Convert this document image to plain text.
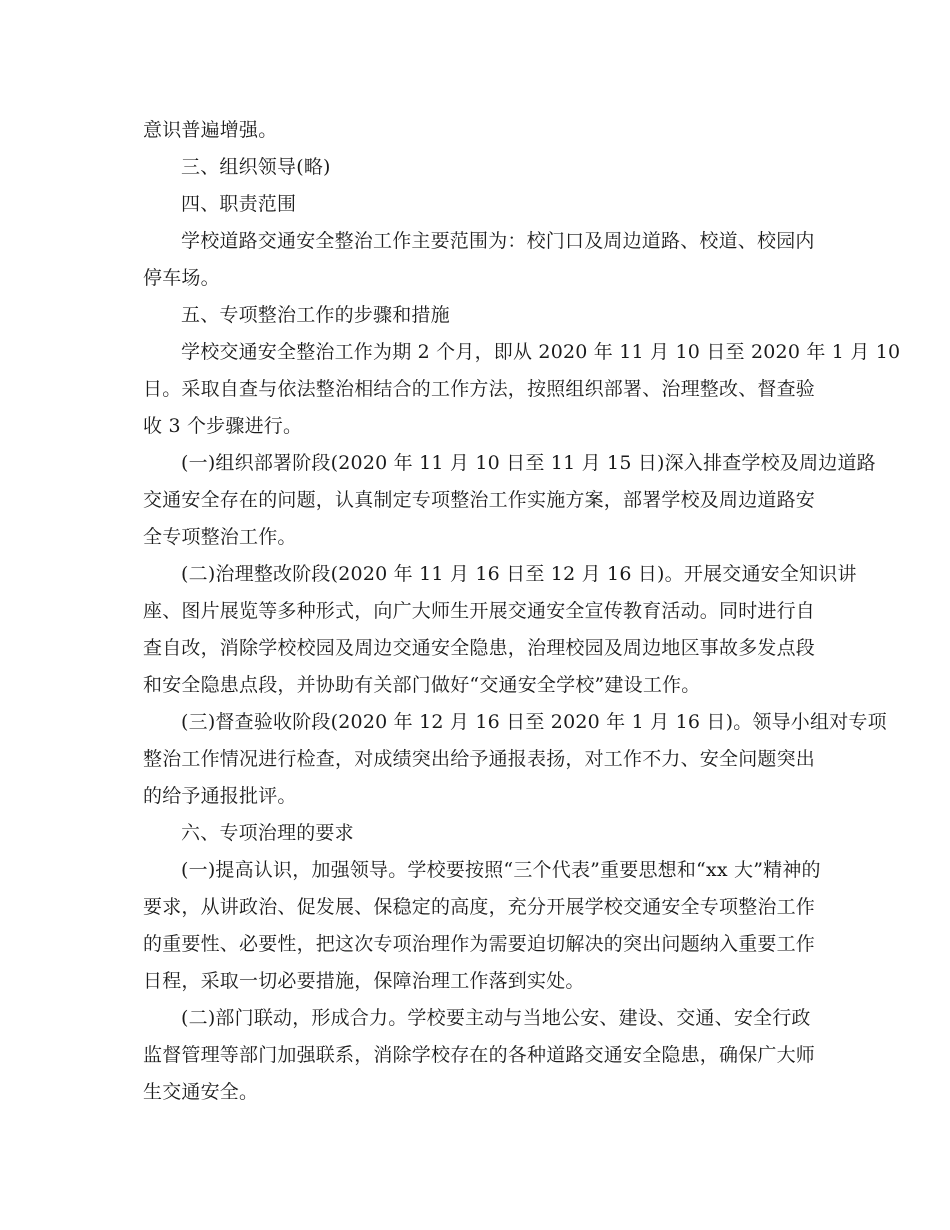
意识普遍增强。
三、组织领导(略)
四、职责范围
学校道路交通安全整治工作主要范围为：校门口及周边道路、校道、校园内
停车场。
五、专项整治工作的步骤和措施
学校交通安全整治工作为期 2 个月，即从 2020 年 11 月 10 日至 2020 年 1 月 10
日。采取自查与依法整治相结合的工作方法，按照组织部署、治理整改、督查验
收 3 个步骤进行。
(一)组织部署阶段(2020 年 11 月 10 日至 11 月 15 日)深入排查学校及周边道路
交通安全存在的问题，认真制定专项整治工作实施方案，部署学校及周边道路安
全专项整治工作。
(二)治理整改阶段(2020 年 11 月 16 日至 12 月 16 日)。开展交通安全知识讲
座、图片展览等多种形式，向广大师生开展交通安全宣传教育活动。同时进行自
查自改，消除学校校园及周边交通安全隐患，治理校园及周边地区事故多发点段
和安全隐患点段，并协助有关部门做好“交通安全学校”建设工作。
(三)督查验收阶段(2020 年 12 月 16 日至 2020 年 1 月 16 日)。领导小组对专项
整治工作情况进行检查，对成绩突出给予通报表扬，对工作不力、安全问题突出
的给予通报批评。
六、专项治理的要求
(一)提高认识，加强领导。学校要按照“三个代表”重要思想和“xx 大”精神的
要求，从讲政治、促发展、保稳定的高度，充分开展学校交通安全专项整治工作
的重要性、必要性，把这次专项治理作为需要迫切解决的突出问题纳入重要工作
日程，采取一切必要措施，保障治理工作落到实处。
(二)部门联动，形成合力。学校要主动与当地公安、建设、交通、安全行政
监督管理等部门加强联系，消除学校存在的各种道路交通安全隐患，确保广大师
生交通安全。
